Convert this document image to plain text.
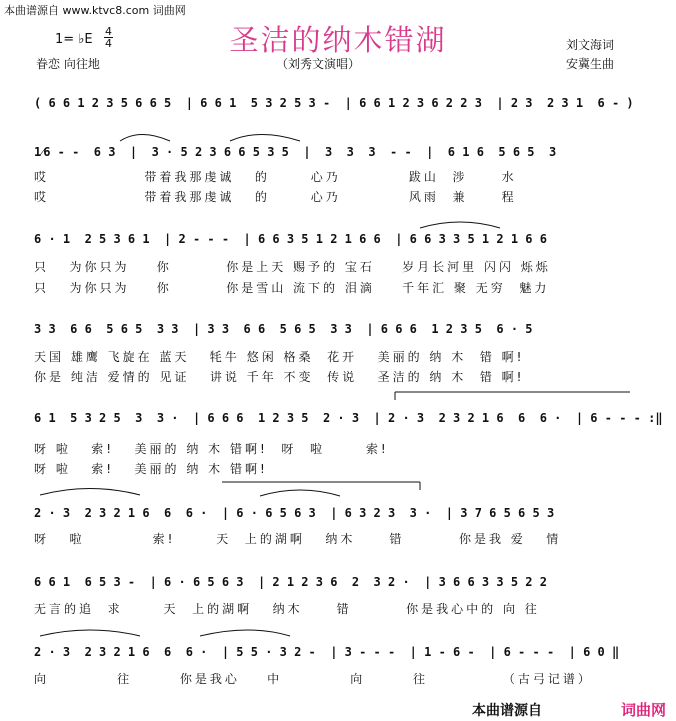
本曲谱源自 www.ktvc8.com 词曲网
圣洁的纳木错湖
1= ♭E
4
4
眷恋 向往地	（刘秀文演唱）
刘文海词
安冀生曲
( 6 6 1 2 3 5 6 6 5  | 6 6 1  5 3 2 5 3 -  | 6 6 1 2 3 6 2 2 3  | 2 3  2 3 1  6 - )
1⁄6 - -  6 3  |  3 · 5 2 3 6 6 5 3 5  |  3  3  3  - -  |  6 1 6  5 6 5  3
哎              带着我那虔诚   的      心乃          跋山  涉     水
哎              带着我那虔诚   的      心乃          风雨  兼     程
6 · 1  2 5 3 6 1  | 2 - - -  | 6 6 3 5 1 2 1 6 6  | 6 6 3 3 5 1 2 1 6 6
只   为你只为    你        你是上天 赐予的 宝石    岁月长河里 闪闪 烁烁
只   为你只为    你        你是雪山 流下的 泪滴    千年汇 聚 无穷  魅力
3 3  6 6  5 6 5  3 3  | 3 3  6 6  5 6 5  3 3  | 6 6 6  1 2 3 5  6 · 5
天国 雄鹰 飞旋在 蓝天   牦牛 悠闲 格桑  花开   美丽的 纳 木  错 啊!
你是 纯洁 爱情的 见证   讲说 千年 不变  传说   圣洁的 纳 木  错 啊!
6 1  5 3 2 5  3  3 ·  | 6 6 6  1 2 3 5  2 · 3  | 2 · 3  2 3 2 1 6  6  6 ·  | 6 - - - :‖
呀 啦   索!   美丽的 纳 木 错啊!  呀  啦      索!
呀 啦   索!   美丽的 纳 木 错啊!
2 · 3  2 3 2 1 6  6  6 ·  | 6 · 6 5 6 3  | 6 3 2 3  3 ·  | 3 7 6 5 6 5 3
呀   啦          索!      天  上的湖啊   纳木     错        你是我 爱   情
6 6 1  6 5 3 -  | 6 · 6 5 6 3  | 2 1 2 3 6  2  3 2 ·  | 3 6 6 3 3 5 2 2
无言的追  求      天  上的湖啊   纳木     错        你是我心中的 向 往
2 · 3  2 3 2 1 6  6  6 ·  | 5 5 · 3 2 -  | 3 - - -  | 1 - 6 -  | 6 - - -  | 6 0 ‖
向          往       你是我心    中          向       往           （古弓记谱）
本曲谱源自	词曲网
